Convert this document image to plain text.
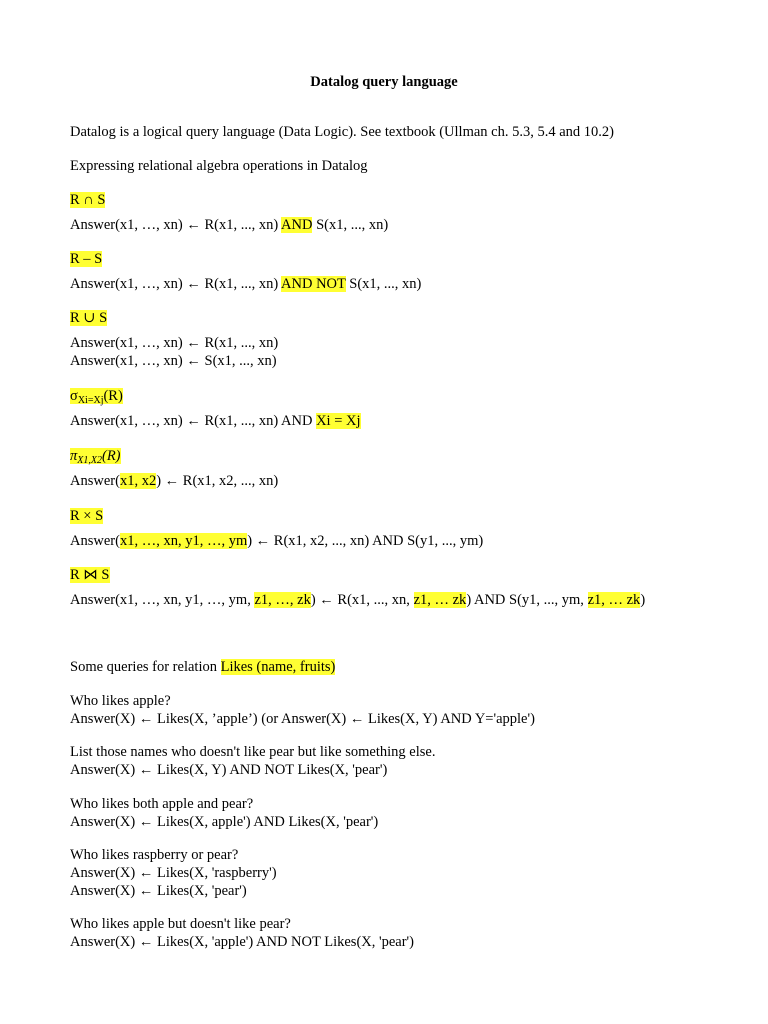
Datalog query language
Datalog is a logical query language (Data Logic). See textbook (Ullman ch. 5.3, 5.4 and 10.2)
Expressing relational algebra operations in Datalog
R ∩ S
Answer(x1, …, xn) ← R(x1, ..., xn) AND S(x1, ..., xn)
R – S
Answer(x1, …, xn) ← R(x1, ..., xn) AND NOT S(x1, ..., xn)
R ∪ S
Answer(x1, …, xn) ← R(x1, ..., xn)
Answer(x1, …, xn) ← S(x1, ..., xn)
$\sigma_{Xi=Xj}(R)$
Answer(x1, …, xn) ← R(x1, ..., xn) AND Xi = Xj
$\pi_{X1,X2}(R)$
Answer(x1, x2) ← R(x1, x2, ..., xn)
R × S
Answer(x1, …, xn, y1, …, ym) ← R(x1, x2, ..., xn) AND S(y1, ..., ym)
R ⋈ S
Answer(x1, …, xn, y1, …, ym, z1, …, zk) ← R(x1, ..., xn, z1, … zk) AND S(y1, ..., ym, z1, … zk)
Some queries for relation Likes (name, fruits)
Who likes apple?
Answer(X) ← Likes(X, ’apple’) (or Answer(X) ← Likes(X, Y) AND Y='apple')
List those names who doesn't like pear but like something else.
Answer(X) ← Likes(X, Y) AND NOT Likes(X, 'pear')
Who likes both apple and pear?
Answer(X) ← Likes(X, apple') AND Likes(X, 'pear')
Who likes raspberry or pear?
Answer(X) ← Likes(X, 'raspberry')
Answer(X) ← Likes(X, 'pear')
Who likes apple but doesn't like pear?
Answer(X) ← Likes(X, 'apple') AND NOT Likes(X, 'pear')
